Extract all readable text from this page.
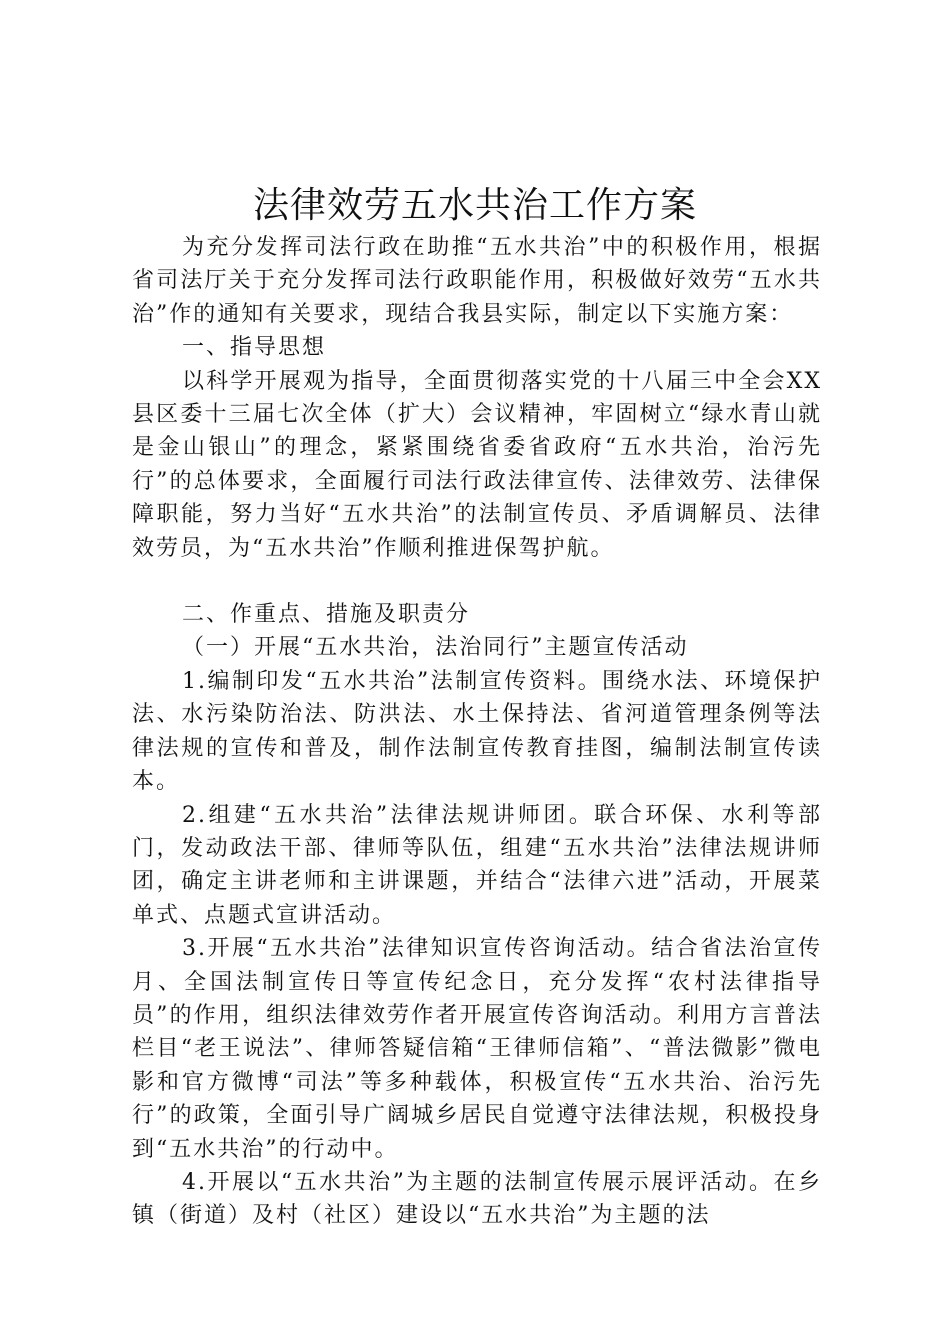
法律效劳五水共治工作方案

为充分发挥司法行政在助推“五水共治”中的积极作用，根据省司法厅关于充分发挥司法行政职能作用，积极做好效劳“五水共治”作的通知有关要求，现结合我县实际，制定以下实施方案：

一、指导思想

以科学开展观为指导，全面贯彻落实党的十八届三中全会XX县区委十三届七次全体（扩大）会议精神，牢固树立“绿水青山就是金山银山”的理念，紧紧围绕省委省政府“五水共治，治污先行”的总体要求，全面履行司法行政法律宣传、法律效劳、法律保障职能，努力当好“五水共治”的法制宣传员、矛盾调解员、法律效劳员，为“五水共治”作顺利推进保驾护航。

二、作重点、措施及职责分

（一）开展“五水共治，法治同行”主题宣传活动

1.编制印发“五水共治”法制宣传资料。围绕水法、环境保护法、水污染防治法、防洪法、水土保持法、省河道管理条例等法律法规的宣传和普及，制作法制宣传教育挂图，编制法制宣传读本。

2.组建“五水共治”法律法规讲师团。联合环保、水利等部门，发动政法干部、律师等队伍，组建“五水共治”法律法规讲师团，确定主讲老师和主讲课题，并结合“法律六进”活动，开展菜单式、点题式宣讲活动。

3.开展“五水共治”法律知识宣传咨询活动。结合省法治宣传月、全国法制宣传日等宣传纪念日，充分发挥“农村法律指导员”的作用，组织法律效劳作者开展宣传咨询活动。利用方言普法栏目“老王说法”、律师答疑信箱“王律师信箱”、“普法微影”微电影和官方微博“司法”等多种载体，积极宣传“五水共治、治污先行”的政策，全面引导广阔城乡居民自觉遵守法律法规，积极投身到“五水共治”的行动中。

4.开展以“五水共治”为主题的法制宣传展示展评活动。在乡镇（街道）及村（社区）建设以“五水共治”为主题的法
